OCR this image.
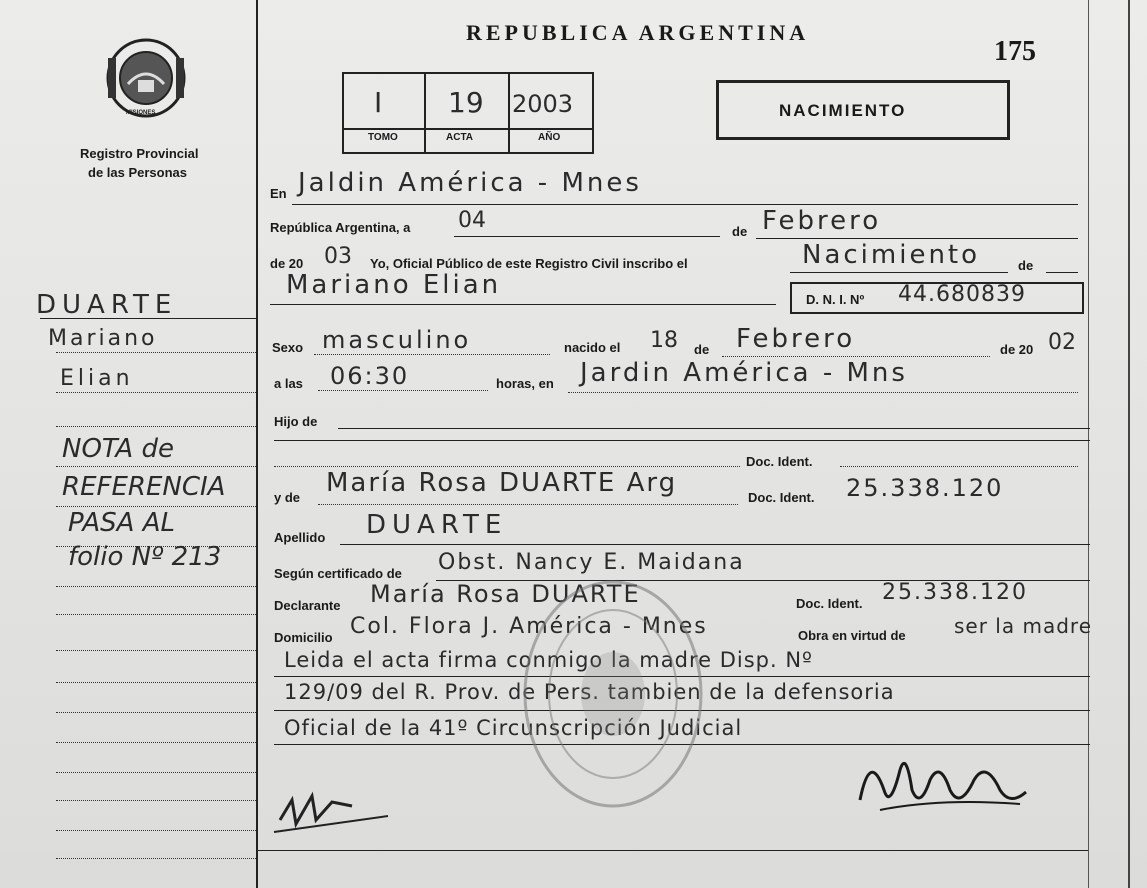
MISIONES
Registro Provincial
de las Personas
DUARTE
Mariano
Elian
NOTA de
REFERENCIA
PASA AL
folio Nº 213
REPUBLICA ARGENTINA
175
I
TOMO
19
ACTA
2003
AÑO
NACIMIENTO
En Jaldin América - Mnes
República Argentina, a 04	de Febrero
de 20 03 Yo, Oficial Público de este Registro Civil inscribo el	Nacimiento	de
Mariano Elian	D. N. I. Nº 44.680839
Sexo masculino	nacido el 18 de Febrero	de 20 02
a las 06:30	horas, en Jardin América - Mns
Hijo de
Doc. Ident.
y de María Rosa DUARTE Arg	Doc. Ident. 25.338.120
Apellido DUARTE
Según certificado de Obst. Nancy E. Maidana
Declarante María Rosa DUARTE	Doc. Ident. 25.338.120
Domicilio Col. Flora J. América - Mnes	Obra en virtud de ser la madre
Leida el acta firma conmigo la madre Disp. Nº
129/09 del R. Prov. de Pers. tambien de la defensoria
Oficial de la 41º Circunscripción Judicial
